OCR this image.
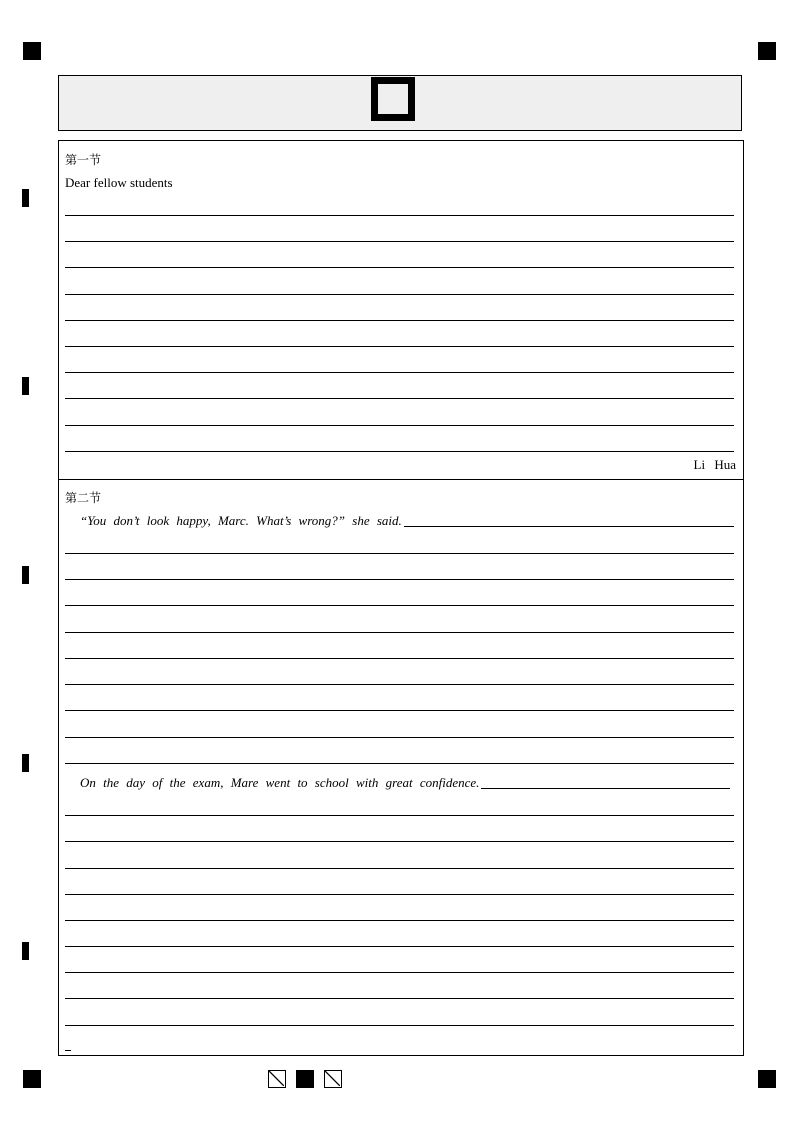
第一节
Dear fellow students
Li Hua
第二节
“You don’t look happy, Marc. What’s wrong?” she said.
On the day of the exam, Mare went to school with great confidence.
